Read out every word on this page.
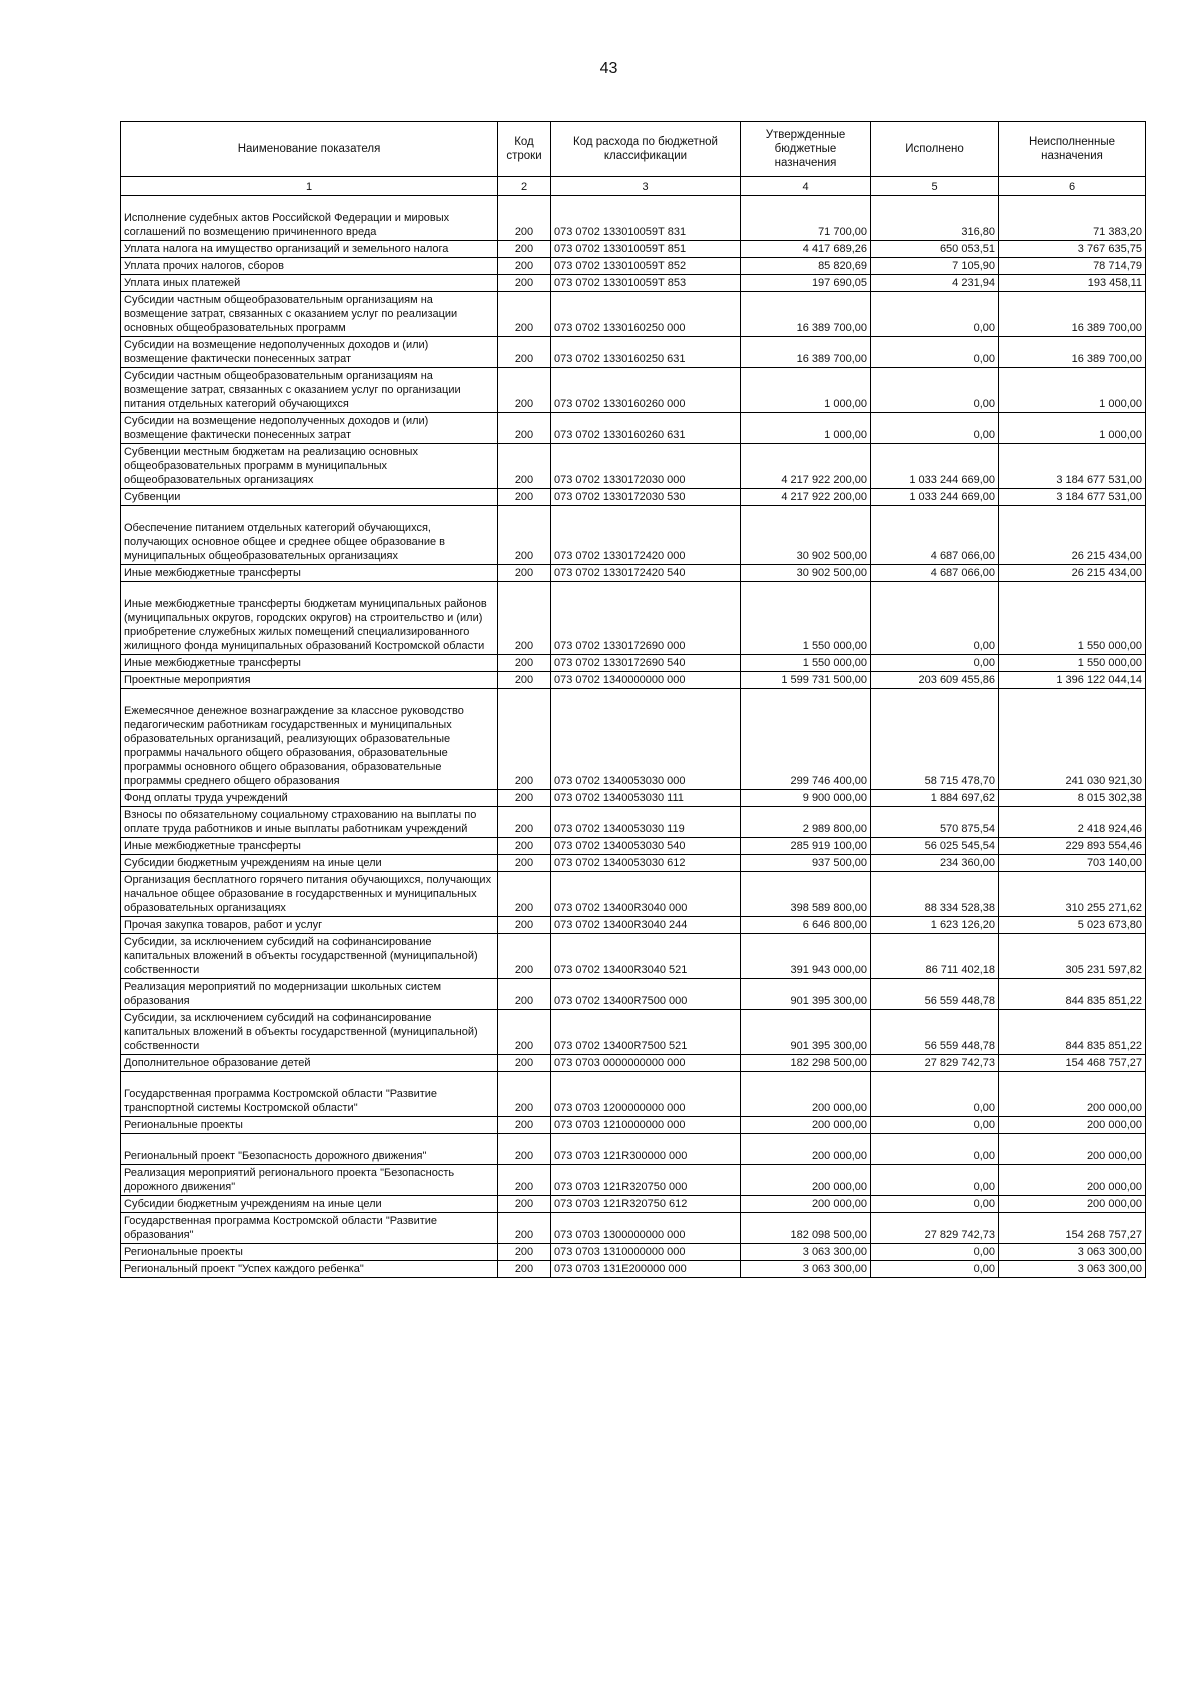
43
Наименование показателя	Код строки	Код расхода по бюджетной классификации	Утвержденные бюджетные назначения	Исполнено	Неисполненные назначения
1	2	3	4	5	6
Исполнение судебных актов Российской Федерации и мировых соглашений по возмещению причиненного вреда	200	073 0702 133010059Т 831	71 700,00	316,80	71 383,20
Уплата налога на имущество организаций и земельного налога	200	073 0702 133010059Т 851	4 417 689,26	650 053,51	3 767 635,75
Уплата прочих налогов, сборов	200	073 0702 133010059Т 852	85 820,69	7 105,90	78 714,79
Уплата иных платежей	200	073 0702 133010059Т 853	197 690,05	4 231,94	193 458,11
Субсидии частным общеобразовательным организациям на возмещение затрат, связанных с оказанием услуг по реализации основных общеобразовательных программ	200	073 0702 1330160250 000	16 389 700,00	0,00	16 389 700,00
Субсидии на возмещение недополученных доходов и (или) возмещение фактически понесенных затрат	200	073 0702 1330160250 631	16 389 700,00	0,00	16 389 700,00
Субсидии частным общеобразовательным организациям на возмещение затрат, связанных с оказанием услуг по организации питания отдельных категорий обучающихся	200	073 0702 1330160260 000	1 000,00	0,00	1 000,00
Субсидии на возмещение недополученных доходов и (или) возмещение фактически понесенных затрат	200	073 0702 1330160260 631	1 000,00	0,00	1 000,00
Субвенции местным бюджетам на реализацию основных общеобразовательных программ в муниципальных общеобразовательных организациях	200	073 0702 1330172030 000	4 217 922 200,00	1 033 244 669,00	3 184 677 531,00
Субвенции	200	073 0702 1330172030 530	4 217 922 200,00	1 033 244 669,00	3 184 677 531,00
Обеспечение питанием отдельных категорий обучающихся, получающих основное общее и среднее общее образование в муниципальных общеобразовательных организациях	200	073 0702 1330172420 000	30 902 500,00	4 687 066,00	26 215 434,00
Иные межбюджетные трансферты	200	073 0702 1330172420 540	30 902 500,00	4 687 066,00	26 215 434,00
Иные межбюджетные трансферты бюджетам муниципальных районов (муниципальных округов, городских округов) на строительство и (или) приобретение служебных жилых помещений специализированного жилищного фонда муниципальных образований Костромской области	200	073 0702 1330172690 000	1 550 000,00	0,00	1 550 000,00
Иные межбюджетные трансферты	200	073 0702 1330172690 540	1 550 000,00	0,00	1 550 000,00
Проектные мероприятия	200	073 0702 1340000000 000	1 599 731 500,00	203 609 455,86	1 396 122 044,14
Ежемесячное денежное вознаграждение за классное руководство педагогическим работникам государственных и муниципальных образовательных организаций, реализующих образовательные программы начального общего образования, образовательные программы основного общего образования, образовательные программы среднего общего образования	200	073 0702 1340053030 000	299 746 400,00	58 715 478,70	241 030 921,30
Фонд оплаты труда учреждений	200	073 0702 1340053030 111	9 900 000,00	1 884 697,62	8 015 302,38
Взносы по обязательному социальному страхованию на выплаты по оплате труда работников и иные выплаты работникам учреждений	200	073 0702 1340053030 119	2 989 800,00	570 875,54	2 418 924,46
Иные межбюджетные трансферты	200	073 0702 1340053030 540	285 919 100,00	56 025 545,54	229 893 554,46
Субсидии бюджетным учреждениям на иные цели	200	073 0702 1340053030 612	937 500,00	234 360,00	703 140,00
Организация бесплатного горячего питания обучающихся, получающих начальное общее образование в государственных и муниципальных образовательных организациях	200	073 0702 13400R3040 000	398 589 800,00	88 334 528,38	310 255 271,62
Прочая закупка товаров, работ и услуг	200	073 0702 13400R3040 244	6 646 800,00	1 623 126,20	5 023 673,80
Субсидии, за исключением субсидий на софинансирование капитальных вложений в объекты государственной (муниципальной) собственности	200	073 0702 13400R3040 521	391 943 000,00	86 711 402,18	305 231 597,82
Реализация мероприятий по модернизации школьных систем образования	200	073 0702 13400R7500 000	901 395 300,00	56 559 448,78	844 835 851,22
Субсидии, за исключением субсидий на софинансирование капитальных вложений в объекты государственной (муниципальной) собственности	200	073 0702 13400R7500 521	901 395 300,00	56 559 448,78	844 835 851,22
Дополнительное образование детей	200	073 0703 0000000000 000	182 298 500,00	27 829 742,73	154 468 757,27
Государственная программа Костромской области "Развитие транспортной системы Костромской области"	200	073 0703 1200000000 000	200 000,00	0,00	200 000,00
Региональные проекты	200	073 0703 1210000000 000	200 000,00	0,00	200 000,00
Региональный проект "Безопасность дорожного движения"	200	073 0703 121R300000 000	200 000,00	0,00	200 000,00
Реализация мероприятий регионального проекта "Безопасность дорожного движения"	200	073 0703 121R320750 000	200 000,00	0,00	200 000,00
Субсидии бюджетным учреждениям на иные цели	200	073 0703 121R320750 612	200 000,00	0,00	200 000,00
Государственная программа Костромской области "Развитие образования"	200	073 0703 1300000000 000	182 098 500,00	27 829 742,73	154 268 757,27
Региональные проекты	200	073 0703 1310000000 000	3 063 300,00	0,00	3 063 300,00
Региональный проект "Успех каждого ребенка"	200	073 0703 131E200000 000	3 063 300,00	0,00	3 063 300,00
